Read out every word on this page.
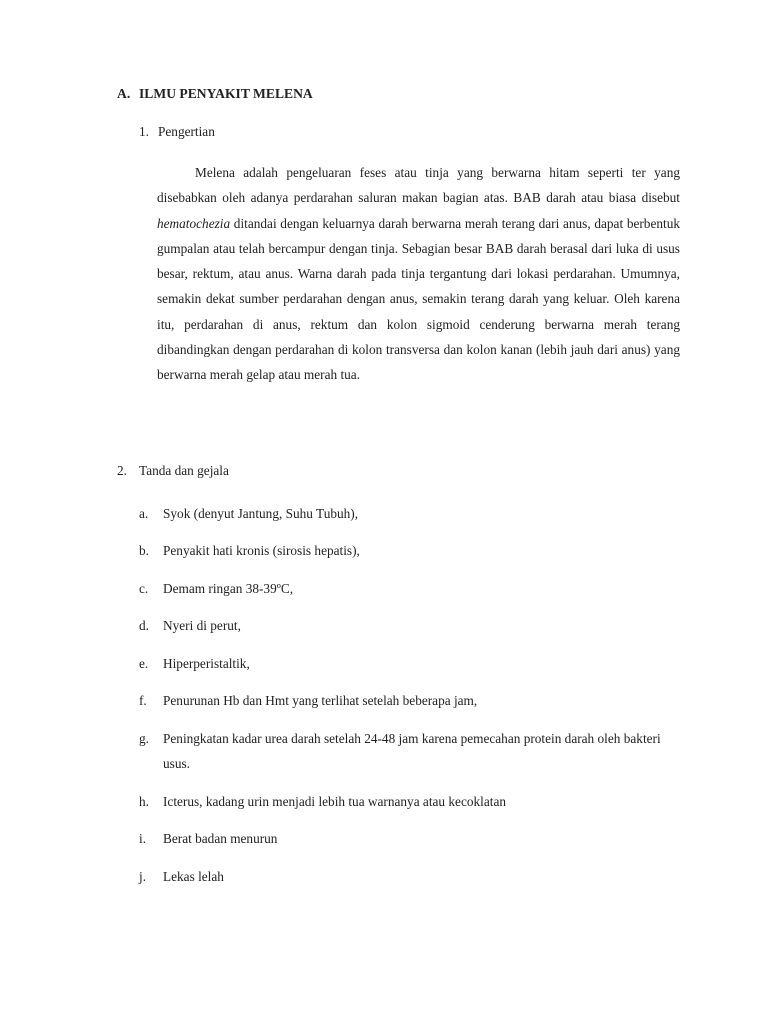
A. ILMU PENYAKIT MELENA
1. Pengertian

Melena adalah pengeluaran feses atau tinja yang berwarna hitam seperti ter yang disebabkan oleh adanya perdarahan saluran makan bagian atas. BAB darah atau biasa disebut hematochezia ditandai dengan keluarnya darah berwarna merah terang dari anus, dapat berbentuk gumpalan atau telah bercampur dengan tinja. Sebagian besar BAB darah berasal dari luka di usus besar, rektum, atau anus. Warna darah pada tinja tergantung dari lokasi perdarahan. Umumnya, semakin dekat sumber perdarahan dengan anus, semakin terang darah yang keluar. Oleh karena itu, perdarahan di anus, rektum dan kolon sigmoid cenderung berwarna merah terang dibandingkan dengan perdarahan di kolon transversa dan kolon kanan (lebih jauh dari anus) yang berwarna merah gelap atau merah tua.

2. Tanda dan gejala
a.	Syok (denyut Jantung, Suhu Tubuh),
b.	Penyakit hati kronis (sirosis hepatis),
c.	Demam ringan 38-39ºC,
d.	Nyeri di perut,
e.	Hiperperistaltik,
f.	Penurunan Hb dan Hmt yang terlihat setelah beberapa jam,
g.	Peningkatan kadar urea darah setelah 24-48 jam karena pemecahan protein darah oleh bakteri usus.
h.	Icterus, kadang urin menjadi lebih tua warnanya atau kecoklatan
i.	Berat badan menurun
j.	Lekas lelah
